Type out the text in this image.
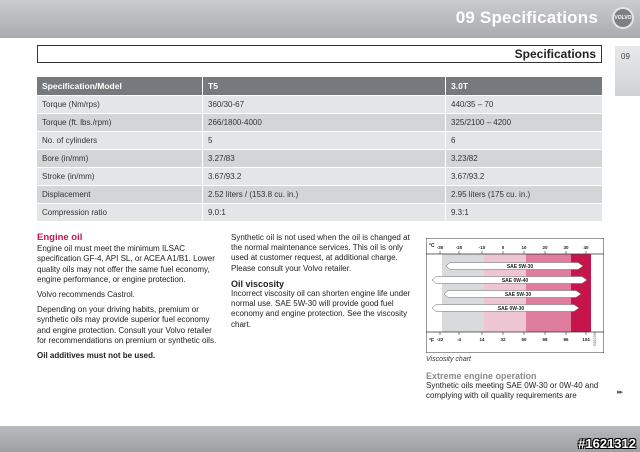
09 Specifications	VOLVO
09
Specifications
Specification/Model	T5	3.0T
Torque (Nm/rps)	360/30-67	440/35 – 70
Torque (ft. lbs./rpm)	266/1800-4000	325/2100 – 4200
No. of cylinders	5	6
Bore (in/mm)	3.27/83	3.23/82
Stroke (in/mm)	3.67/93.2	3.67/93.2
Displacement	2.52 liters / (153.8 cu. in.)	2.95 liters (175 cu. in.)
Compression ratio	9.0:1	9.3:1
Engine oil

Engine oil must meet the minimum ILSAC specification GF-4, API SL, or ACEA A1/B1. Lower quality oils may not offer the same fuel economy, engine performance, or engine protection.

Volvo recommends Castrol.

Depending on your driving habits, premium or synthetic oils may provide superior fuel economy and engine protection. Consult your Volvo retailer for recommendations on premium or synthetic oils.

Oil additives must not be used.

Synthetic oil is not used when the oil is changed at the normal maintenance services. This oil is only used at customer request, at additional charge. Please consult your Volvo retailer.

Oil viscosity

Incorrect viscosity oil can shorten engine life under normal use. SAE 5W-30 will provide good fuel economy and engine protection. See the viscosity chart.

-30	-20	-10	0	10	20	30	40
-22	-4	14	32	50	68	86	104
SAE 5W-30
SAE 0W-40
SAE 5W-30
SAE 0W-30
°C
°F	G021398
Viscosity chart
Extreme engine operation

Synthetic oils meeting SAE 0W-30 or 0W-40 and complying with oil quality requirements are	▸▸
#1621312
